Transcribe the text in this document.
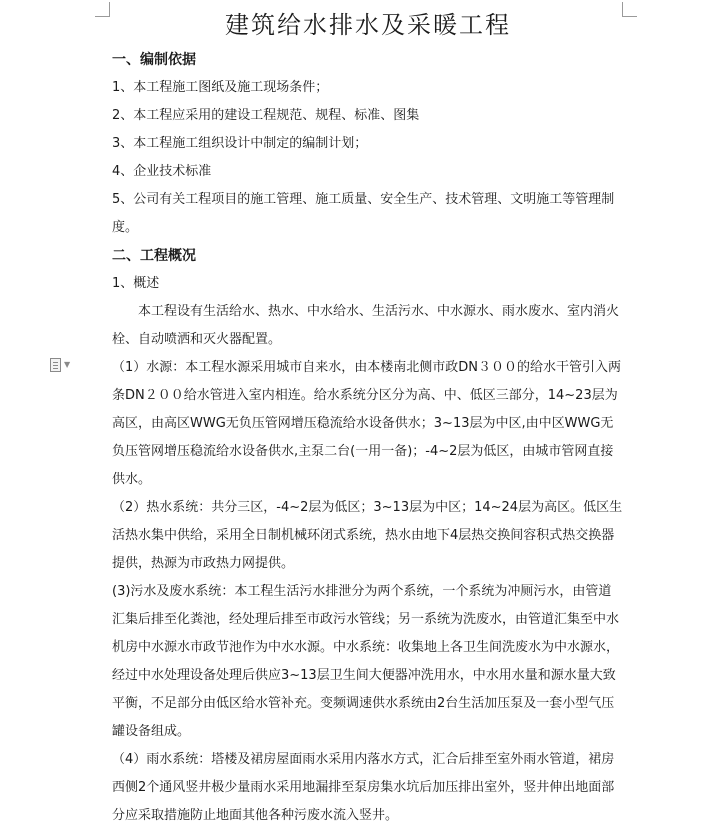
▼
建筑给水排水及采暖工程

一、编制依据

1、本工程施工图纸及施工现场条件；

2、本工程应采用的建设工程规范、规程、标准、图集

3、本工程施工组织设计中制定的编制计划；

4、企业技术标准

5、公司有关工程项目的施工管理、施工质量、安全生产、技术管理、文明施工等管理制度。

二、工程概况

1、概述

本工程设有生活给水、热水、中水给水、生活污水、中水源水、雨水废水、室内消火栓、自动喷洒和灭火器配置。

（1）水源：本工程水源采用城市自来水，由本楼南北侧市政DN３００的给水干管引入两条DN２００给水管进入室内相连。给水系统分区分为高、中、低区三部分，14~23层为高区，由高区WWG无负压管网增压稳流给水设备供水；3~13层为中区,由中区WWG无负压管网增压稳流给水设备供水,主泵二台(一用一备)；-4~2层为低区，由城市管网直接供水。

（2）热水系统：共分三区，-4~2层为低区；3~13层为中区；14~24层为高区。低区生活热水集中供给，采用全日制机械环闭式系统，热水由地下4层热交换间容积式热交换器提供，热源为市政热力网提供。

(3)污水及废水系统：本工程生活污水排泄分为两个系统，一个系统为冲厕污水，由管道汇集后排至化粪池，经处理后排至市政污水管线；另一系统为洗废水，由管道汇集至中水机房中水源水市政节池作为中水水源。中水系统：收集地上各卫生间洗废水为中水源水，经过中水处理设备处理后供应3~13层卫生间大便器冲洗用水，中水用水量和源水量大致平衡，不足部分由低区给水管补充。变频调速供水系统由2台生活加压泵及一套小型气压罐设备组成。

（4）雨水系统：塔楼及裙房屋面雨水采用内落水方式，汇合后排至室外雨水管道，裙房西侧2个通风竖井极少量雨水采用地漏排至泵房集水坑后加压排出室外，竖井伸出地面部分应采取措施防止地面其他各种污废水流入竖井。
